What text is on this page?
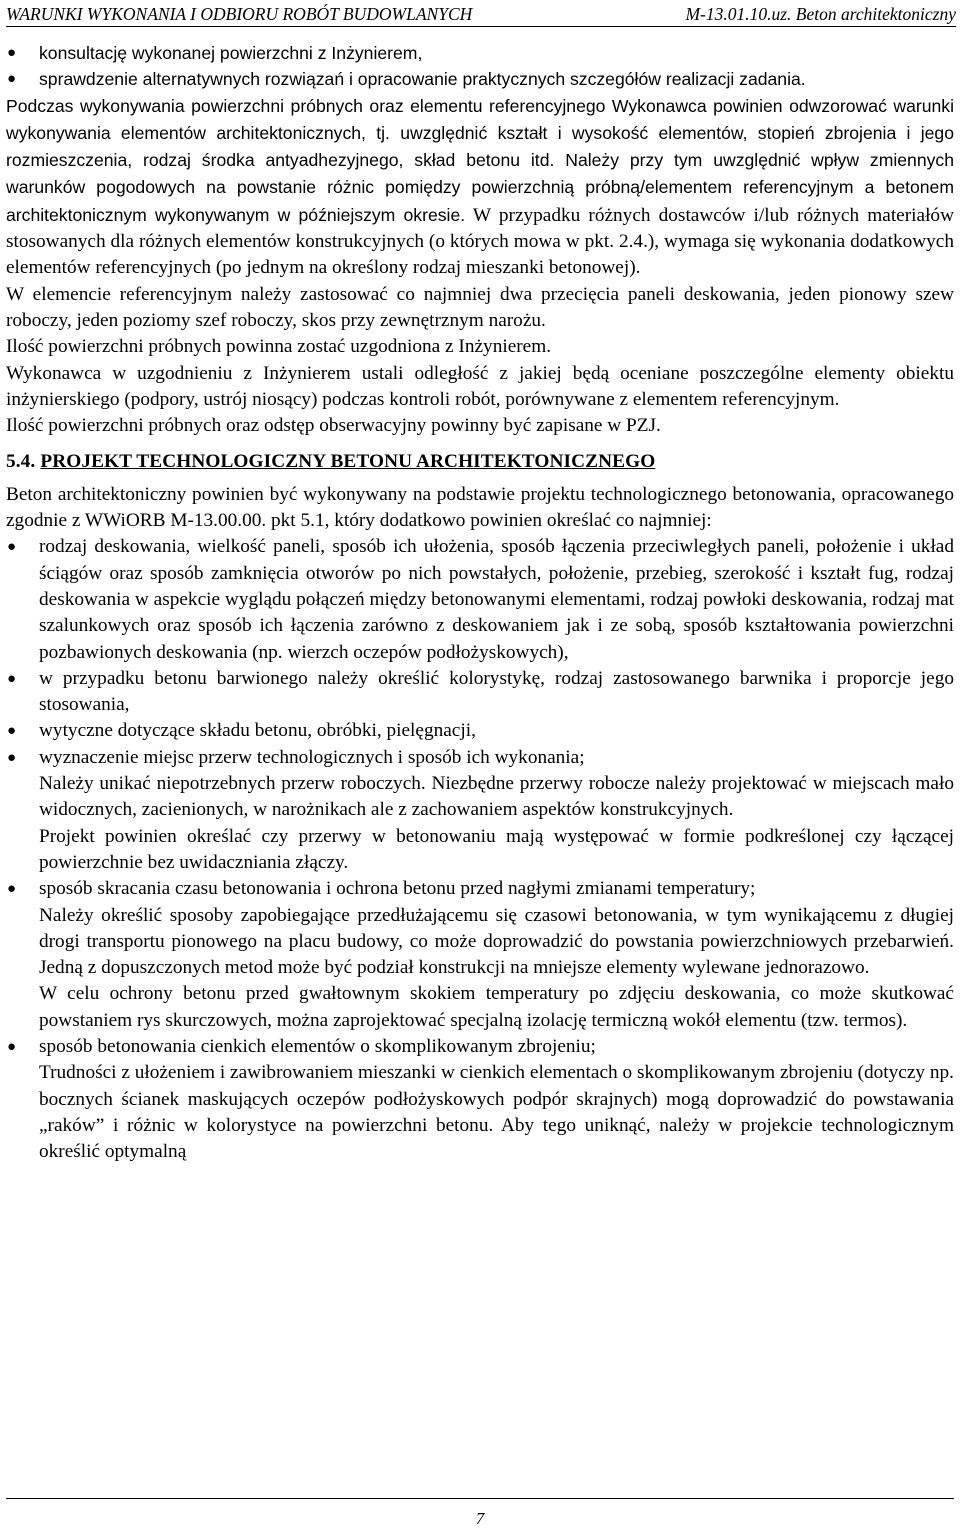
WARUNKI WYKONANIA I ODBIORU ROBÓT BUDOWLANYCH	M-13.01.10.uz. Beton architektoniczny
● konsultację wykonanej powierzchni z Inżynierem,
● sprawdzenie alternatywnych rozwiązań i opracowanie praktycznych szczegółów realizacji zadania.

Podczas wykonywania powierzchni próbnych oraz elementu referencyjnego Wykonawca powinien odwzorować warunki wykonywania elementów architektonicznych, tj. uwzględnić kształt i wysokość elementów, stopień zbrojenia i jego rozmieszczenia, rodzaj środka antyadhezyjnego, skład betonu itd. Należy przy tym uwzględnić wpływ zmiennych warunków pogodowych na powstanie różnic pomiędzy powierzchnią próbną/elementem referencyjnym a betonem architektonicznym wykonywanym w późniejszym okresie. W przypadku różnych dostawców i/lub różnych materiałów stosowanych dla różnych elementów konstrukcyjnych (o których mowa w pkt. 2.4.), wymaga się wykonania dodatkowych elementów referencyjnych (po jednym na określony rodzaj mieszanki betonowej).

W elemencie referencyjnym należy zastosować co najmniej dwa przecięcia paneli deskowania, jeden pionowy szew roboczy, jeden poziomy szef roboczy, skos przy zewnętrznym narożu.

Ilość powierzchni próbnych powinna zostać uzgodniona z Inżynierem.

Wykonawca w uzgodnieniu z Inżynierem ustali odległość z jakiej będą oceniane poszczególne elementy obiektu inżynierskiego (podpory, ustrój niosący) podczas kontroli robót, porównywane z elementem referencyjnym.

Ilość powierzchni próbnych oraz odstęp obserwacyjny powinny być zapisane w PZJ.

5.4. PROJEKT TECHNOLOGICZNY BETONU ARCHITEKTONICZNEGO

Beton architektoniczny powinien być wykonywany na podstawie projektu technologicznego betonowania, opracowanego zgodnie z WWiORB M-13.00.00. pkt 5.1, który dodatkowo powinien określać co najmniej:

● rodzaj deskowania, wielkość paneli, sposób ich ułożenia, sposób łączenia przeciwległych paneli, położenie i układ ściągów oraz sposób zamknięcia otworów po nich powstałych, położenie, przebieg, szerokość i kształt fug, rodzaj deskowania w aspekcie wyglądu połączeń między betonowanymi elementami, rodzaj powłoki deskowania, rodzaj mat szalunkowych oraz sposób ich łączenia zarówno z deskowaniem jak i ze sobą, sposób kształtowania powierzchni pozbawionych deskowania (np. wierzch oczepów podłożyskowych),
● w przypadku betonu barwionego należy określić kolorystykę, rodzaj zastosowanego barwnika i proporcje jego stosowania,
● wytyczne dotyczące składu betonu, obróbki, pielęgnacji,
● wyznaczenie miejsc przerw technologicznych i sposób ich wykonania;

Należy unikać niepotrzebnych przerw roboczych. Niezbędne przerwy robocze należy projektować w miejscach mało widocznych, zacienionych, w narożnikach ale z zachowaniem aspektów konstrukcyjnych.

Projekt powinien określać czy przerwy w betonowaniu mają występować w formie podkreślonej czy łączącej powierzchnie bez uwidaczniania złączy.

● sposób skracania czasu betonowania i ochrona betonu przed nagłymi zmianami temperatury;

Należy określić sposoby zapobiegające przedłużającemu się czasowi betonowania, w tym wynikającemu z długiej drogi transportu pionowego na placu budowy, co może doprowadzić do powstania powierzchniowych przebarwień. Jedną z dopuszczonych metod może być podział konstrukcji na mniejsze elementy wylewane jednorazowo.

W celu ochrony betonu przed gwałtownym skokiem temperatury po zdjęciu deskowania, co może skutkować powstaniem rys skurczowych, można zaprojektować specjalną izolację termiczną wokół elementu (tzw. termos).

● sposób betonowania cienkich elementów o skomplikowanym zbrojeniu;

Trudności z ułożeniem i zawibrowaniem mieszanki w cienkich elementach o skomplikowanym zbrojeniu (dotyczy np. bocznych ścianek maskujących oczepów podłożyskowych podpór skrajnych) mogą doprowadzić do powstawania „raków” i różnic w kolorystyce na powierzchni betonu. Aby tego uniknąć, należy w projekcie technologicznym określić optymalną

7
